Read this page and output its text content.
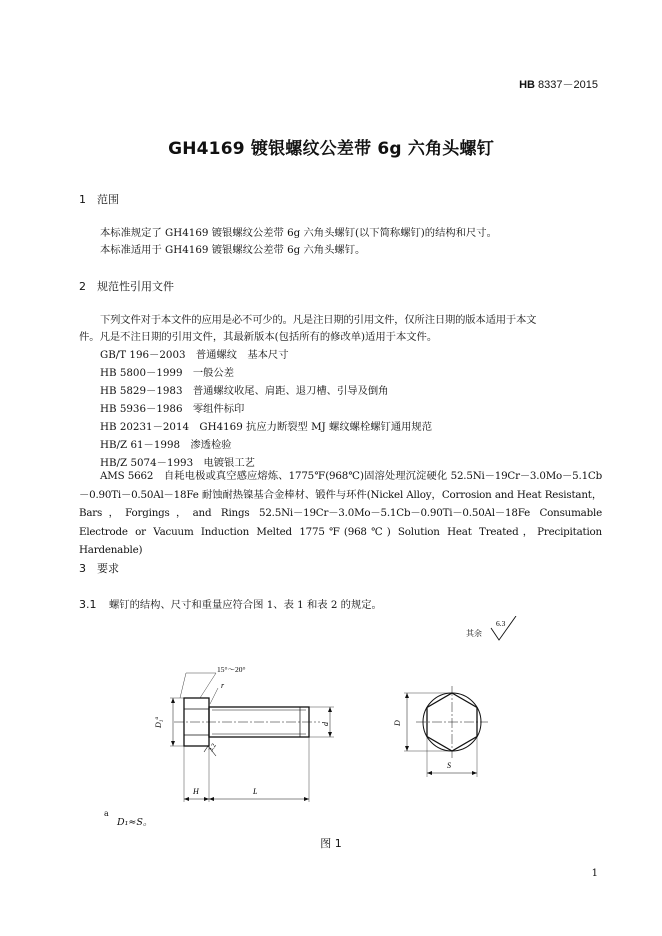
HB 8337－2015
GH4169 镀银螺纹公差带 6g 六角头螺钉
1 范围
本标准规定了 GH4169 镀银螺纹公差带 6g 六角头螺钉(以下简称螺钉)的结构和尺寸。
本标准适用于 GH4169 镀银螺纹公差带 6g 六角头螺钉。
2 规范性引用文件
下列文件对于本文件的应用是必不可少的。凡是注日期的引用文件，仅所注日期的版本适用于本文
件。凡是不注日期的引用文件，其最新版本(包括所有的修改单)适用于本文件。
GB/T 196－2003　普通螺纹　基本尺寸
HB 5800－1999　一般公差
HB 5829－1983　普通螺纹收尾、肩距、退刀槽、引导及倒角
HB 5936－1986　零组件标印
HB 20231－2014　GH4169 抗应力断裂型 MJ 螺纹螺栓螺钉通用规范
HB/Z 61－1998　渗透检验
HB/Z 5074－1993　电镀银工艺
AMS 5662　自耗电极或真空感应熔炼、1775℉(968℃)固溶处理沉淀硬化 52.5Ni－19Cr－3.0Mo－5.1Cb－0.90Ti－0.50Al－18Fe 耐蚀耐热镍基合金棒材、锻件与环件(Nickel Alloy，Corrosion and Heat Resistant，Bars，Forgings，and Rings 52.5Ni－19Cr－3.0Mo－5.1Cb－0.90Ti－0.50Al－18Fe Consumable Electrode or Vacuum Induction Melted 1775℉(968℃) Solution Heat Treated，Precipitation Hardenable)
3 要求
3.1 螺钉的结构、尺寸和重量应符合图 1、表 1 和表 2 的规定。
其余
6.3
15°～20°
r
$D_1^a$
d
3.2
H	L
D
S
a
D₁≈S。
图 1
1
